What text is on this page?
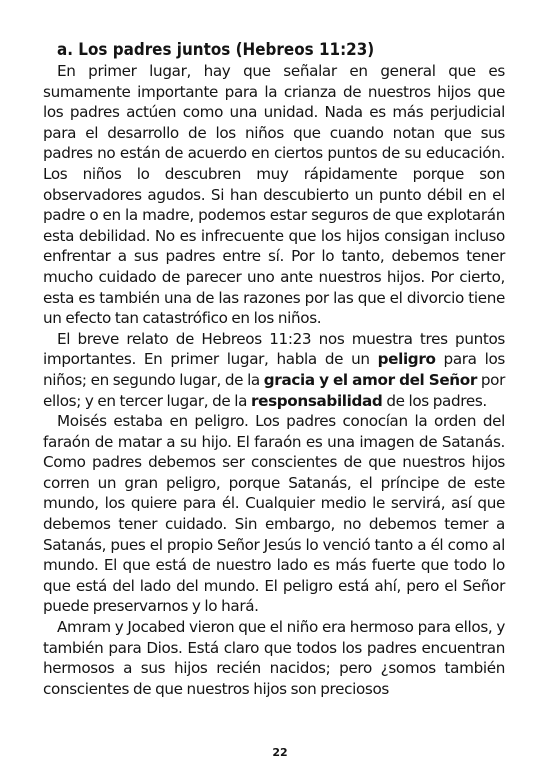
a. Los padres juntos (Hebreos 11:23)

En primer lugar, hay que señalar en general que es sumamente importante para la crianza de nuestros hijos que los padres actúen como una unidad. Nada es más perjudicial para el desarrollo de los niños que cuando notan que sus padres no están de acuerdo en ciertos puntos de su educación. Los niños lo descubren muy rápidamente porque son observadores agudos. Si han descubierto un punto débil en el padre o en la madre, podemos estar seguros de que explotarán esta debilidad. No es infrecuente que los hijos consigan incluso enfrentar a sus padres entre sí. Por lo tanto, debemos tener mucho cuidado de parecer uno ante nuestros hijos. Por cierto, esta es también una de las razones por las que el divorcio tiene un efecto tan catastrófico en los niños.

El breve relato de Hebreos 11:23 nos muestra tres puntos importantes. En primer lugar, habla de un peligro para los niños; en segundo lugar, de la gracia y el amor del Señor por ellos; y en tercer lugar, de la responsabilidad de los padres.

Moisés estaba en peligro. Los padres conocían la orden del faraón de matar a su hijo. El faraón es una imagen de Satanás. Como padres debemos ser conscientes de que nuestros hijos corren un gran peligro, porque Satanás, el príncipe de este mundo, los quiere para él. Cualquier medio le servirá, así que debemos tener cuidado. Sin embargo, no debemos temer a Satanás, pues el propio Señor Jesús lo venció tanto a él como al mundo. El que está de nuestro lado es más fuerte que todo lo que está del lado del mundo. El peligro está ahí, pero el Señor puede preservarnos y lo hará.

Amram y Jocabed vieron que el niño era hermoso para ellos, y también para Dios. Está claro que todos los padres encuentran hermosos a sus hijos recién nacidos; pero ¿somos también conscientes de que nuestros hijos son preciosos

22
